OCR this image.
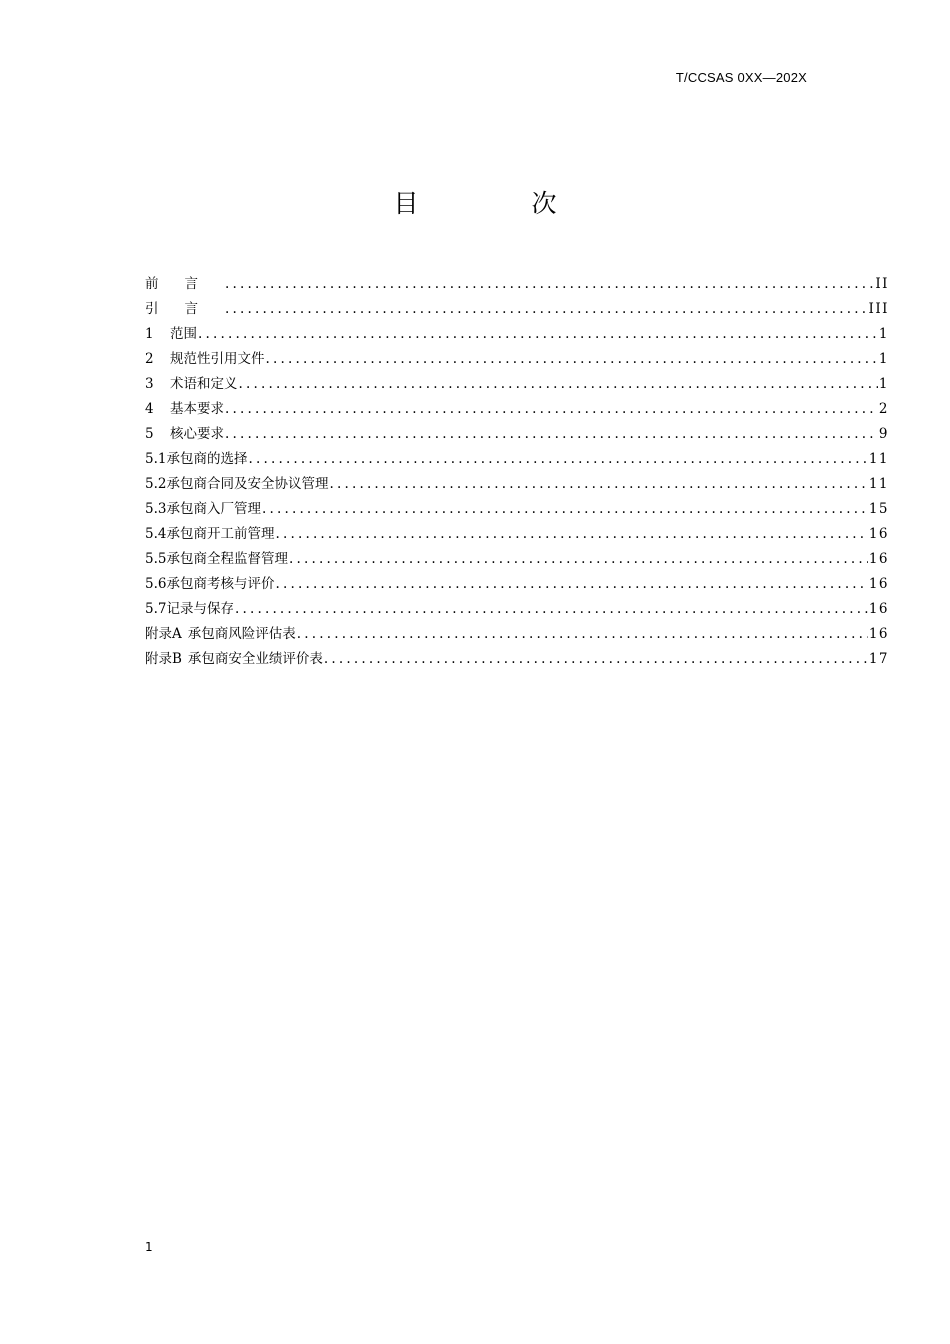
T/CCSAS 0XX—202X
目　次
前言 .....	II
引言 .....	III
1	范围 .....	1
2	规范性引用文件 .....	1
3	术语和定义 .....	1
4	基本要求 .....	2
5	核心要求 .....	9
5.1 承包商的选择 .....	11
5.2 承包商合同及安全协议管理 .....	11
5.3 承包商入厂管理 .....	15
5.4 承包商开工前管理 .....	16
5.5 承包商全程监督管理 .....	16
5.6 承包商考核与评价 .....	16
5.7 记录与保存 .....	16
附录A 承包商风险评估表 .....	16
附录B 承包商安全业绩评价表 .....	17
1
